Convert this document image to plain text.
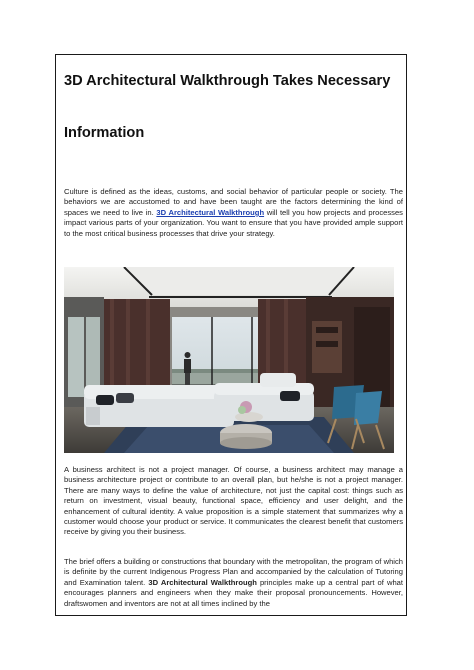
3D Architectural Walkthrough Takes Necessary
Information

Culture is defined as the ideas, customs, and social behavior of particular people or society. The behaviors we are accustomed to and have been taught are the factors determining the kind of spaces we need to live in. 3D Architectural Walkthrough will tell you how projects and processes impact various parts of your organization. You want to ensure that you have provided ample support to the most critical business processes that drive your strategy.

A business architect is not a project manager. Of course, a business architect may manage a business architecture project or contribute to an overall plan, but he/she is not a project manager. There are many ways to define the value of architecture, not just the capital cost: things such as return on investment, visual beauty, functional space, efficiency and user delight, and the enhancement of cultural identity. A value proposition is a simple statement that summarizes why a customer would choose your product or service. It communicates the clearest benefit that customers receive by giving you their business.

The brief offers a building or constructions that boundary with the metropolitan, the program of which is definite by the current Indigenous Progress Plan and accompanied by the calculation of Tutoring and Examination talent. 3D Architectural Walkthrough principles make up a central part of what encourages planners and engineers when they make their proposal pronouncements. However, draftswomen and inventors are not at all times inclined by the
